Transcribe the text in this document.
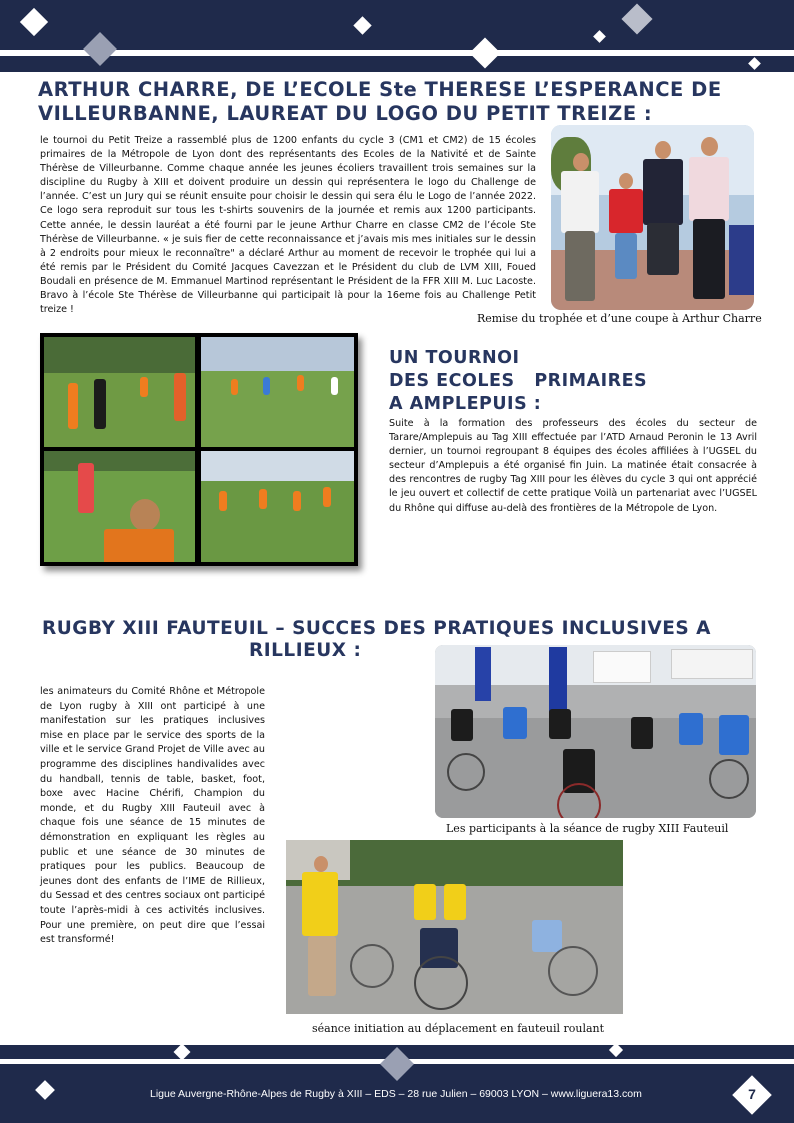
ARTHUR CHARRE, DE L’ECOLE Ste THERESE L’ESPERANCE DE
VILLEURBANNE, LAUREAT DU LOGO DU PETIT TREIZE :

le tournoi du Petit Treize a rassemblé plus de 1200 enfants du cycle 3 (CM1 et CM2) de 15 écoles primaires de la Métropole de Lyon dont des représentants des Ecoles de la Nativité et de Sainte Thérèse de Villeurbanne. Comme chaque année les jeunes écoliers travaillent trois semaines sur la discipline du Rugby à XIII et doivent produire un dessin qui représentera le logo du Challenge de l’année. C’est un Jury qui se réunit ensuite pour choisir le dessin qui sera élu le Logo de l’année 2022. Ce logo sera reproduit sur tous les t-shirts souvenirs de la journée et remis aux 1200 participants. Cette année, le dessin lauréat a été fourni par le jeune Arthur Charre en classe CM2 de l’école Ste Thérèse de Villeurbanne. « je suis fier de cette reconnaissance et j’avais mis mes initiales sur le dessin à 2 endroits pour mieux le reconnaître" a déclaré Arthur au moment de recevoir le trophée qui lui a été remis par le Président du Comité Jacques Cavezzan et le Président du club de LVM XIII, Foued Boudali en présence de M. Emmanuel Martinod représentant le Président de la FFR XIII M. Luc Lacoste. Bravo à l’école Ste Thérèse de Villeurbanne qui participait là pour la 16eme fois au Challenge Petit treize !

Remise du trophée et d’une coupe à Arthur Charre

UN TOURNOI
DES ECOLES   PRIMAIRES
A AMPLEPUIS :

Suite à la formation des professeurs des écoles du secteur de Tarare/Amplepuis au Tag XIII effectuée par l’ATD Arnaud Peronin le 13 Avril dernier, un tournoi regroupant 8 équipes des écoles affiliées à l’UGSEL du secteur d’Amplepuis a été organisé fin Juin. La matinée était consacrée à des rencontres de rugby Tag XIII pour les élèves du cycle 3 qui ont apprécié le jeu ouvert et collectif de cette pratique Voilà un partenariat avec l’UGSEL du Rhône qui diffuse au-delà des frontières de la Métropole de Lyon.

RUGBY XIII FAUTEUIL – SUCCES DES PRATIQUES INCLUSIVES A
RILLIEUX :

les animateurs du Comité Rhône et Métropole de Lyon rugby à XIII ont participé à une manifestation sur les pratiques inclusives mise en place par le service des sports de la ville et le service Grand Projet de Ville avec au programme des disciplines handivalides avec du handball, tennis de table, basket, foot, boxe avec Hacine Chérifi, Champion du monde, et du Rugby XIII Fauteuil avec à chaque fois une séance de 15 minutes de démonstration en expliquant les règles au public et une séance de 30 minutes de pratiques pour les publics. Beaucoup de jeunes dont des enfants de l’IME de Rillieux, du Sessad et des centres sociaux ont participé toute l’après-midi à ces activités inclusives. Pour une première, on peut dire que l’essai est transformé!

Les participants à la séance de rugby XIII Fauteuil

séance initiation au déplacement en fauteuil roulant

Ligue Auvergne-Rhône-Alpes de Rugby à XIII – EDS – 28 rue Julien – 69003 LYON – www.liguera13.com	7
